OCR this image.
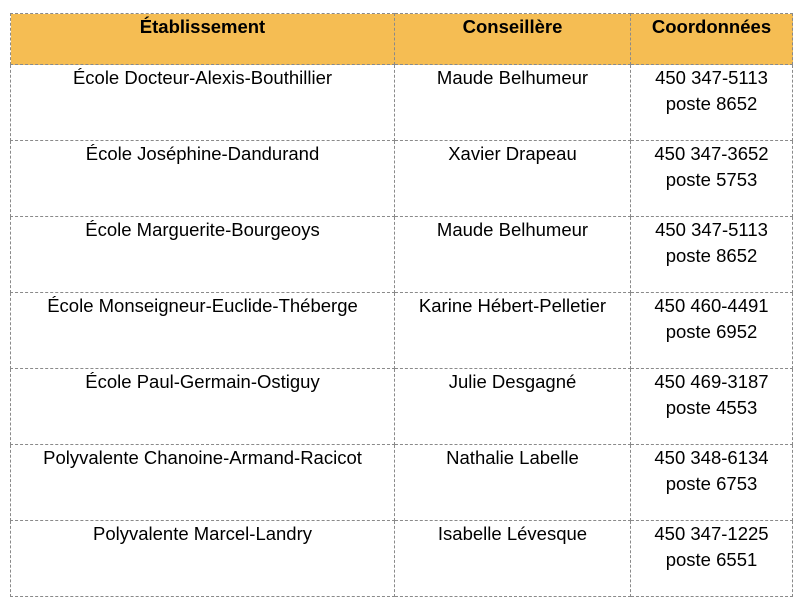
Établissement	Conseillère	Coordonnées
École Docteur-Alexis-Bouthillier	Maude Belhumeur	450 347-5113
poste 8652

École Joséphine-Dandurand	Xavier Drapeau	450 347-3652
poste 5753

École Marguerite-Bourgeoys	Maude Belhumeur	450 347-5113
poste 8652

École Monseigneur-Euclide-Théberge	Karine Hébert-Pelletier	450 460-4491
poste 6952

École Paul-Germain-Ostiguy	Julie Desgagné	450 469-3187
poste 4553

Polyvalente Chanoine-Armand-Racicot	Nathalie Labelle	450 348-6134
poste 6753

Polyvalente Marcel-Landry	Isabelle Lévesque	450 347-1225
poste 6551
